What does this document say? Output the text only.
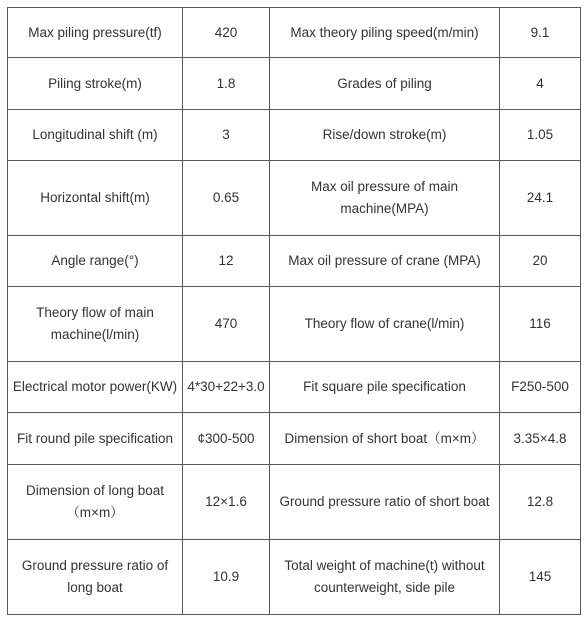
Max piling pressure(tf)	420	Max theory piling speed(m/min)	9.1
Piling stroke(m)	1.8	Grades of piling	4
Longitudinal shift (m)	3	Rise/down stroke(m)	1.05
Horizontal shift(m)	0.65	Max oil pressure of main machine(MPA)	24.1
Angle range(°)	12	Max oil pressure of crane (MPA)	20
Theory flow of main machine(l/min)	470	Theory flow of crane(l/min)	116
Electrical motor power(KW)	4*30+22+3.0	Fit square pile specification	F250-500
Fit round pile specification	¢300-500	Dimension of short boat（m×m）	3.35×4.8
Dimension of long boat（m×m）	12×1.6	Ground pressure ratio of short boat	12.8
Ground pressure ratio of long boat	10.9	Total weight of machine(t) without counterweight, side pile	145
